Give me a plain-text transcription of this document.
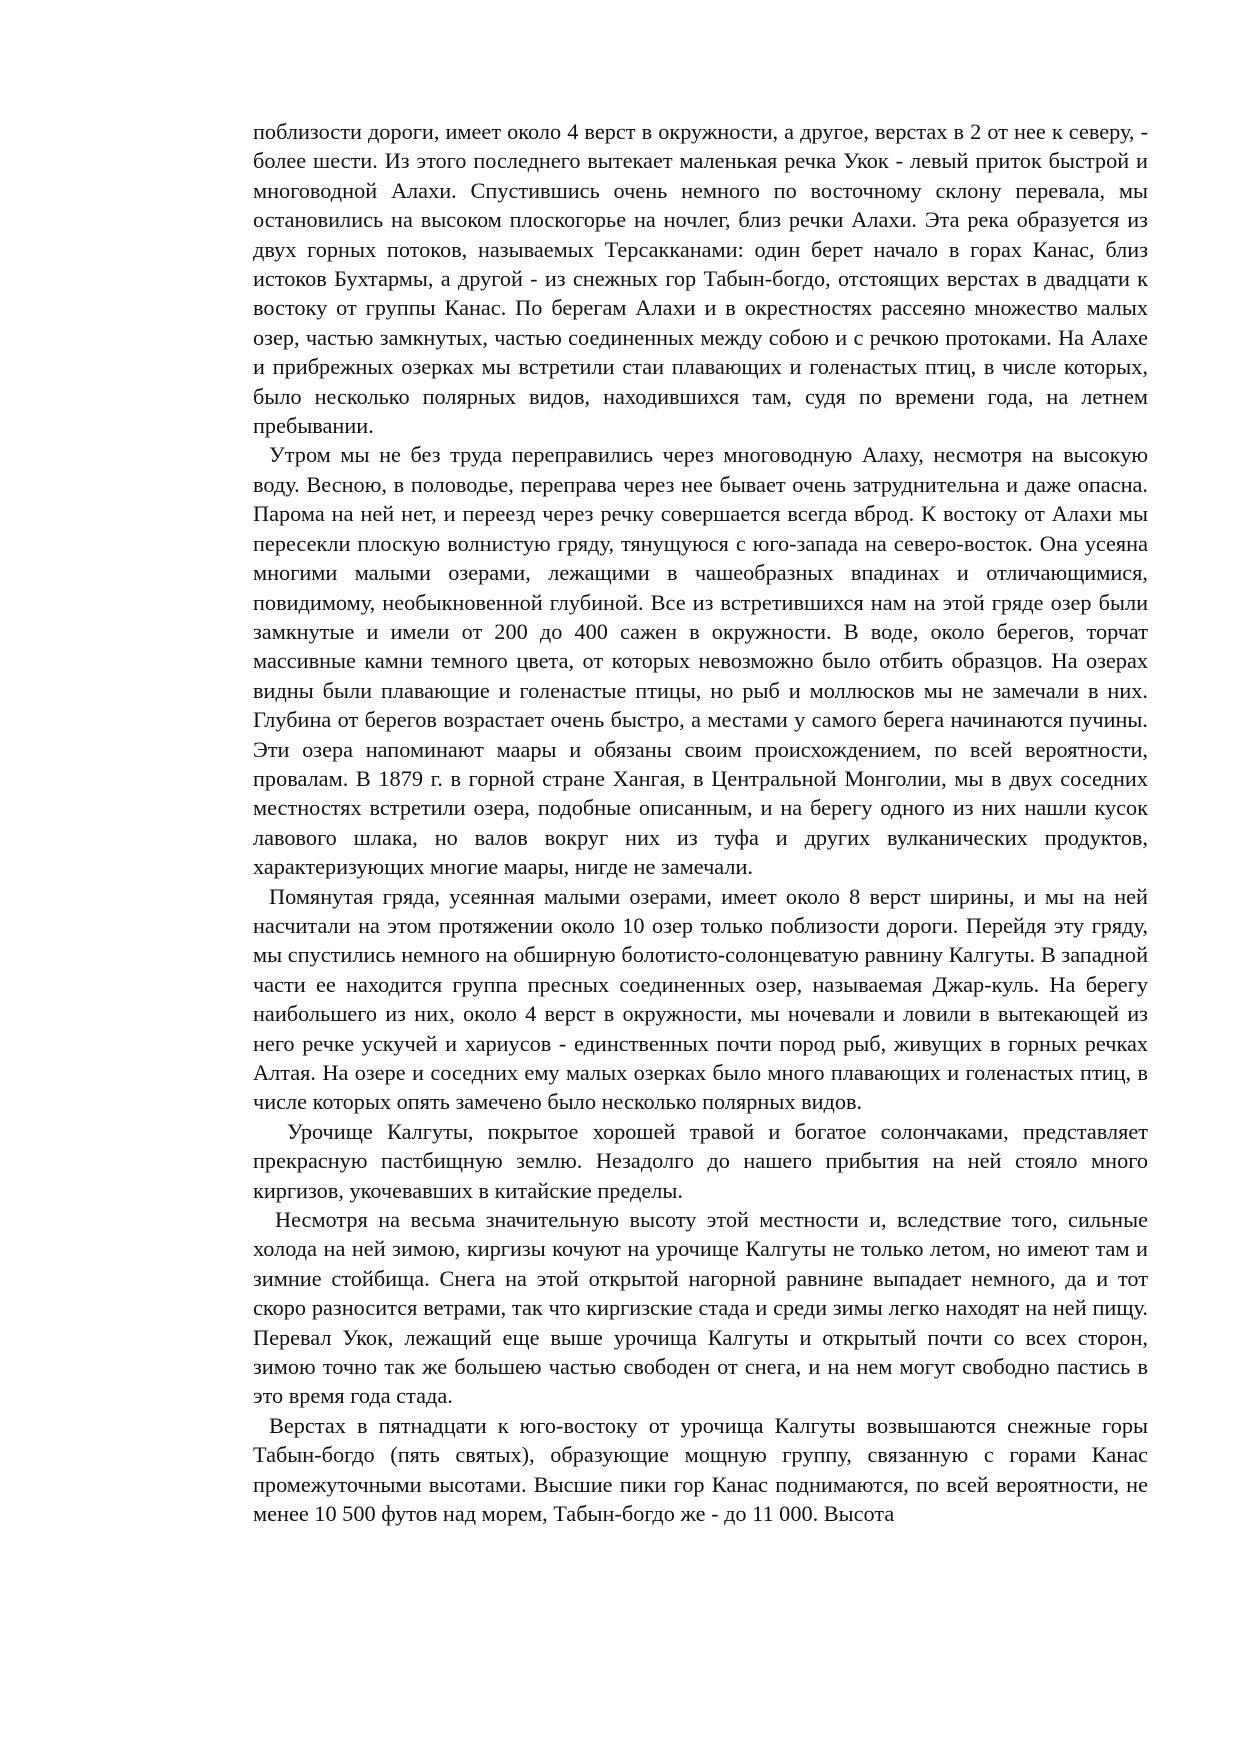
поблизости дороги, имеет около 4 верст в окружности, а другое, верстах в 2 от нее к северу, - более шести. Из этого последнего вытекает маленькая речка Укок - левый приток быстрой и многоводной Алахи. Спустившись очень немного по восточному склону перевала, мы остановились на высоком плоскогорье на ночлег, близ речки Алахи. Эта река образуется из двух горных потоков, называемых Терсакканами: один берет начало в горах Канас, близ истоков Бухтармы, а другой - из снежных гор Табын-богдо, отстоящих верстах в двадцати к востоку от группы Канас. По берегам Алахи и в окрестностях рассеяно множество малых озер, частью замкнутых, частью соединенных между собою и с речкою протоками. На Алахе и прибрежных озерках мы встретили стаи плавающих и голенастых птиц, в числе которых, было несколько полярных видов, находившихся там, судя по времени года, на летнем пребывании.

Утром мы не без труда переправились через многоводную Алаху, несмотря на высокую воду. Весною, в половодье, переправа через нее бывает очень затруднительна и даже опасна. Парома на ней нет, и переезд через речку совершается всегда вброд. К востоку от Алахи мы пересекли плоскую волнистую гряду, тянущуюся с юго-запада на северо-восток. Она усеяна многими малыми озерами, лежащими в чашеобразных впадинах и отличающимися, повидимому, необыкновенной глубиной. Все из встретившихся нам на этой гряде озер были замкнутые и имели от 200 до 400 сажен в окружности. В воде, около берегов, торчат массивные камни темного цвета, от которых невозможно было отбить образцов. На озерах видны были плавающие и голенастые птицы, но рыб и моллюсков мы не замечали в них. Глубина от берегов возрастает очень быстро, а местами у самого берега начинаются пучины. Эти озера напоминают маары и обязаны своим происхождением, по всей вероятности, провалам. В 1879 г. в горной стране Хангая, в Центральной Монголии, мы в двух соседних местностях встретили озера, подобные описанным, и на берегу одного из них нашли кусок лавового шлака, но валов вокруг них из туфа и других вулканических продуктов, характеризующих многие маары, нигде не замечали.

Помянутая гряда, усеянная малыми озерами, имеет около 8 верст ширины, и мы на ней насчитали на этом протяжении около 10 озер только поблизости дороги. Перейдя эту гряду, мы спустились немного на обширную болотисто-солонцеватую равнину Калгуты. В западной части ее находится группа пресных соединенных озер, называемая Джар-куль. На берегу наибольшего из них, около 4 верст в окружности, мы ночевали и ловили в вытекающей из него речке ускучей и хариусов - единственных почти пород рыб, живущих в горных речках Алтая. На озере и соседних ему малых озерках было много плавающих и голенастых птиц, в числе которых опять замечено было несколько полярных видов.

Урочище Калгуты, покрытое хорошей травой и богатое солончаками, представляет прекрасную пастбищную землю. Незадолго до нашего прибытия на ней стояло много киргизов, укочевавших в китайские пределы.

Несмотря на весьма значительную высоту этой местности и, вследствие того, сильные холода на ней зимою, киргизы кочуют на урочище Калгуты не только летом, но имеют там и зимние стойбища. Снега на этой открытой нагорной равнине выпадает немного, да и тот скоро разносится ветрами, так что киргизские стада и среди зимы легко находят на ней пищу. Перевал Укок, лежащий еще выше урочища Калгуты и открытый почти со всех сторон, зимою точно так же большею частью свободен от снега, и на нем могут свободно пастись в это время года стада.

Верстах в пятнадцати к юго-востоку от урочища Калгуты возвышаются снежные горы Табын-богдо (пять святых), образующие мощную группу, связанную с горами Канас промежуточными высотами. Высшие пики гор Канас поднимаются, по всей вероятности, не менее 10 500 футов над морем, Табын-богдо же - до 11 000. Высота
